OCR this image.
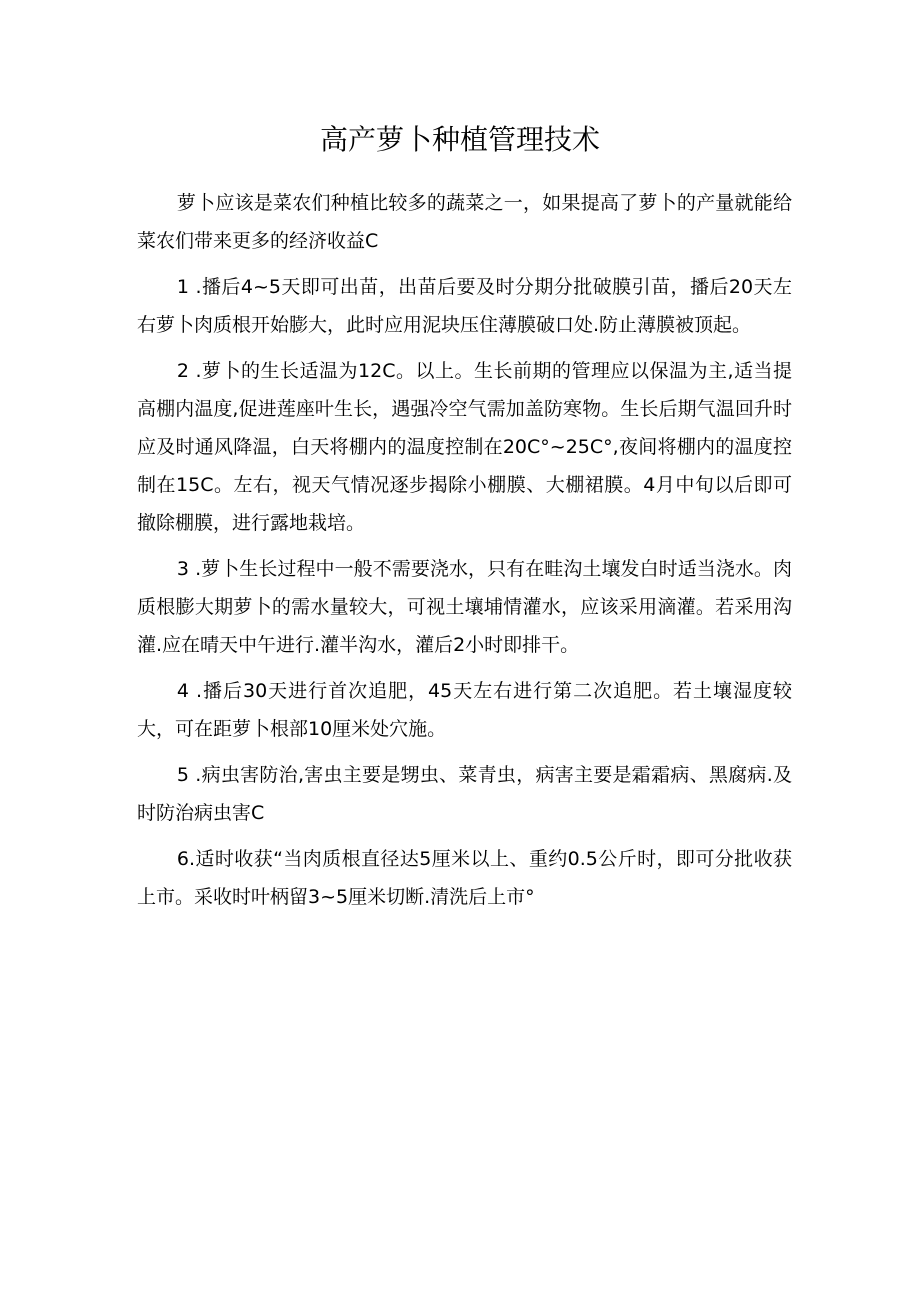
高产萝卜种植管理技术

萝卜应该是菜农们种植比较多的蔬菜之一，如果提高了萝卜的产量就能给菜农们带来更多的经济收益C

1 .播后4~5天即可出苗，出苗后要及时分期分批破膜引苗，播后20天左右萝卜肉质根开始膨大，此时应用泥块压住薄膜破口处.防止薄膜被顶起。

2 .萝卜的生长适温为12C。以上。生长前期的管理应以保温为主,适当提高棚内温度,促进莲座叶生长，遇强冷空气需加盖防寒物。生长后期气温回升时应及时通风降温，白天将棚内的温度控制在20C°~25C°,夜间将棚内的温度控制在15C。左右，视天气情况逐步揭除小棚膜、大棚裙膜。4月中旬以后即可撤除棚膜，进行露地栽培。

3 .萝卜生长过程中一般不需要浇水，只有在畦沟土壤发白时适当浇水。肉质根膨大期萝卜的需水量较大，可视土壤埔情灌水，应该采用滴灌。若采用沟灌.应在晴天中午进行.灌半沟水，灌后2小时即排干。

4 .播后30天进行首次追肥，45天左右进行第二次追肥。若土壤湿度较大，可在距萝卜根部10厘米处穴施。

5 .病虫害防治,害虫主要是甥虫、菜青虫，病害主要是霜霜病、黑腐病.及时防治病虫害C

6.适时收获“当肉质根直径达5厘米以上、重约0.5公斤时，即可分批收获上市。采收时叶柄留3~5厘米切断.清洗后上市°
